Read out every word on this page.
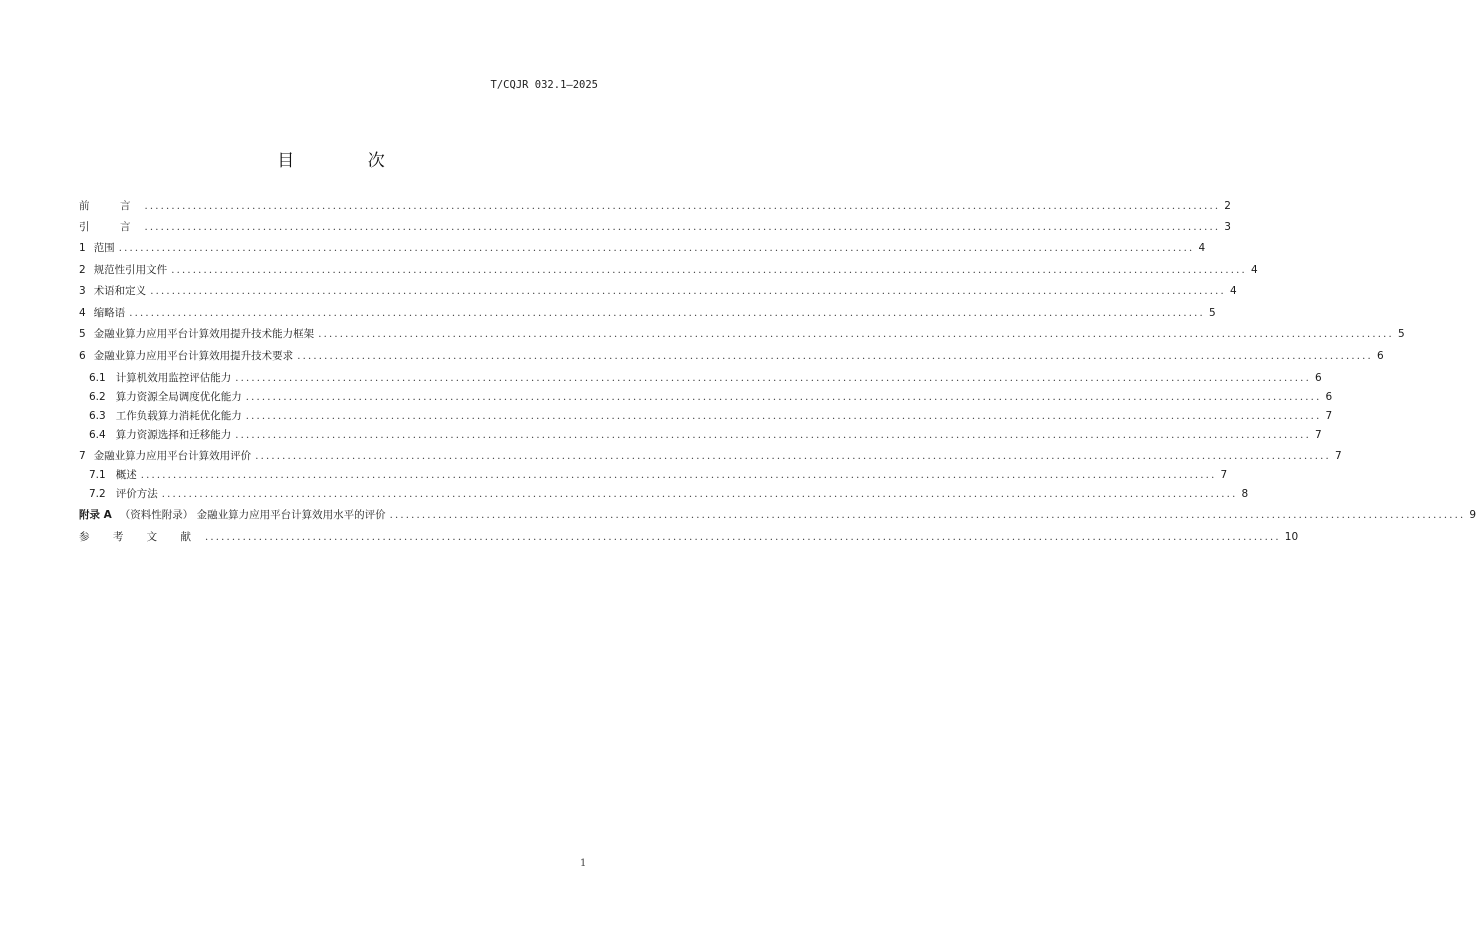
T/CQJR 032.1—2025
目 次
前　言 ........................................................................................................................................................................................................ 2
引　言 ........................................................................................................................................................................................................ 3
1 范围 ........................................................................................................................................................................................................ 4
2 规范性引用文件 ........................................................................................................................................................................................................ 4
3 术语和定义 ........................................................................................................................................................................................................ 4
4 缩略语 ........................................................................................................................................................................................................ 5
5 金融业算力应用平台计算效用提升技术能力框架 ........................................................................................................................................................................................................ 5
6 金融业算力应用平台计算效用提升技术要求 ........................................................................................................................................................................................................ 6
6.1 计算机效用监控评估能力 ........................................................................................................................................................................................................ 6
6.2 算力资源全局调度优化能力 ........................................................................................................................................................................................................ 6
6.3 工作负载算力消耗优化能力 ........................................................................................................................................................................................................ 7
6.4 算力资源选择和迁移能力 ........................................................................................................................................................................................................ 7
7 金融业算力应用平台计算效用评价 ........................................................................................................................................................................................................ 7
7.1 概述 ........................................................................................................................................................................................................ 7
7.2 评价方法 ........................................................................................................................................................................................................ 8
附录 A （资料性附录） 金融业算力应用平台计算效用水平的评价 ........................................................................................................................................................................................................ 9
参 考 文 献 ........................................................................................................................................................................................................ 10
1
